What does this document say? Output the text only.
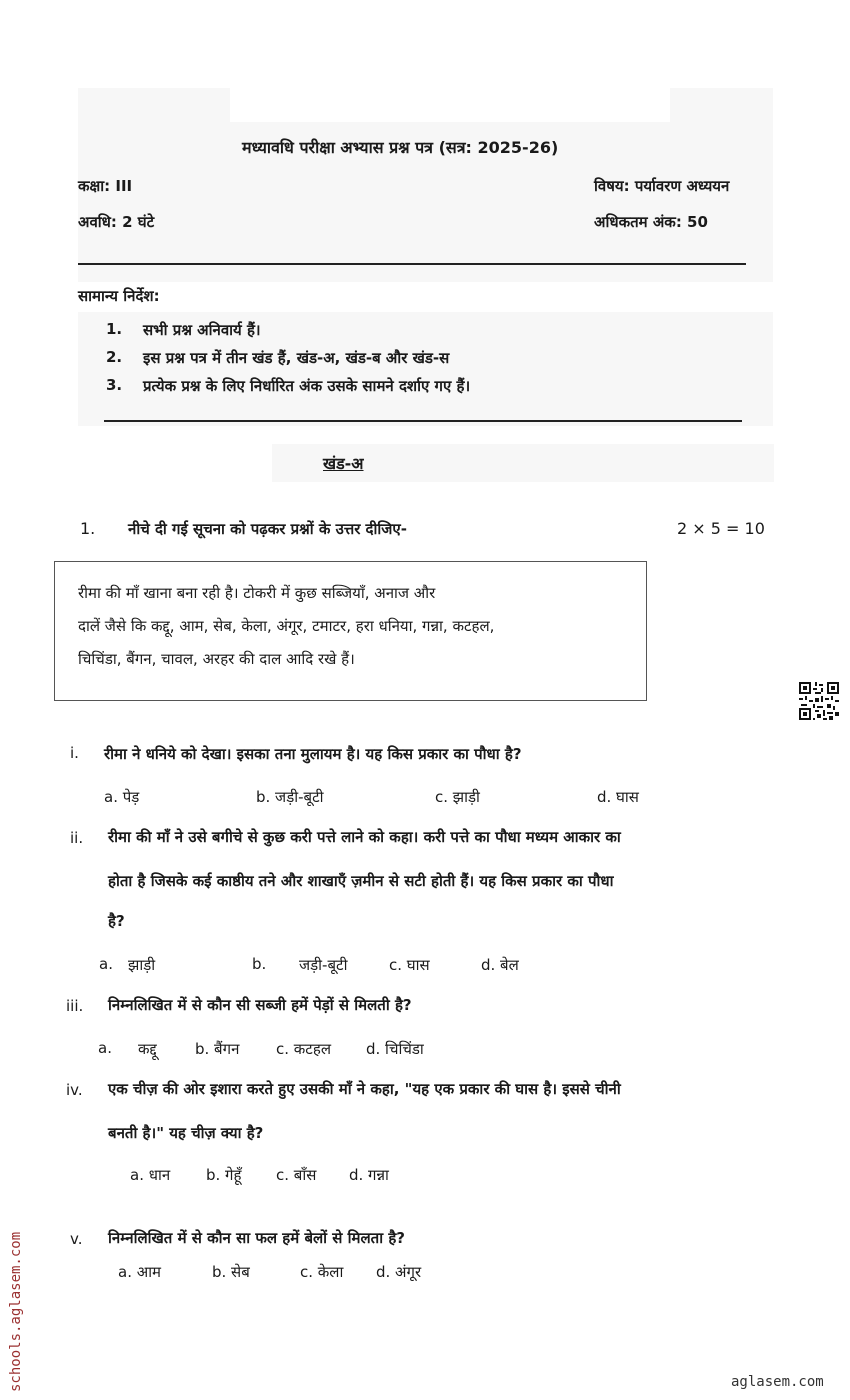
मध्यावधि परीक्षा अभ्यास प्रश्न पत्र (सत्र: 2025-26)
कक्षा: III	विषय: पर्यावरण अध्ययन
अवधि: 2 घंटे	अधिकतम अंक: 50
सामान्य निर्देश:
1. सभी प्रश्न अनिवार्य हैं।
2. इस प्रश्न पत्र में तीन खंड हैं, खंड-अ, खंड-ब और खंड-स
3. प्रत्येक प्रश्न के लिए निर्धारित अंक उसके सामने दर्शाए गए हैं।
खंड-अ
1. नीचे दी गई सूचना को पढ़कर प्रश्नों के उत्तर दीजिए-	2 × 5 = 10
रीमा की माँ खाना बना रही है। टोकरी में कुछ सब्जियाँ, अनाज और
दालें जैसे कि कद्दू, आम, सेब, केला, अंगूर, टमाटर, हरा धनिया, गन्ना, कटहल,
चिचिंडा, बैंगन, चावल, अरहर की दाल आदि रखे हैं।
i. रीमा ने धनिये को देखा। इसका तना मुलायम है। यह किस प्रकार का पौधा है?
a. पेड़	b. जड़ी-बूटी	c. झाड़ी	d. घास
ii. रीमा की माँ ने उसे बगीचे से कुछ करी पत्ते लाने को कहा। करी पत्ते का पौधा मध्यम आकार का
होता है जिसके कई काष्ठीय तने और शाखाएँ ज़मीन से सटी होती हैं। यह किस प्रकार का पौधा
है?
a. झाड़ी	b. जड़ी-बूटी	c. घास	d. बेल
iii. निम्नलिखित में से कौन सी सब्जी हमें पेड़ों से मिलती है?
a. कद्दू	b. बैंगन c. कटहल d. चिचिंडा
iv. एक चीज़ की ओर इशारा करते हुए उसकी माँ ने कहा, "यह एक प्रकार की घास है। इससे चीनी
बनती है।" यह चीज़ क्या है?
a. धान b. गेहूँ c. बाँस d. गन्ना
v. निम्नलिखित में से कौन सा फल हमें बेलों से मिलता है?
a. आम	b. सेब	c. केला d. अंगूर
schools.aglasem.com	aglasem.com
